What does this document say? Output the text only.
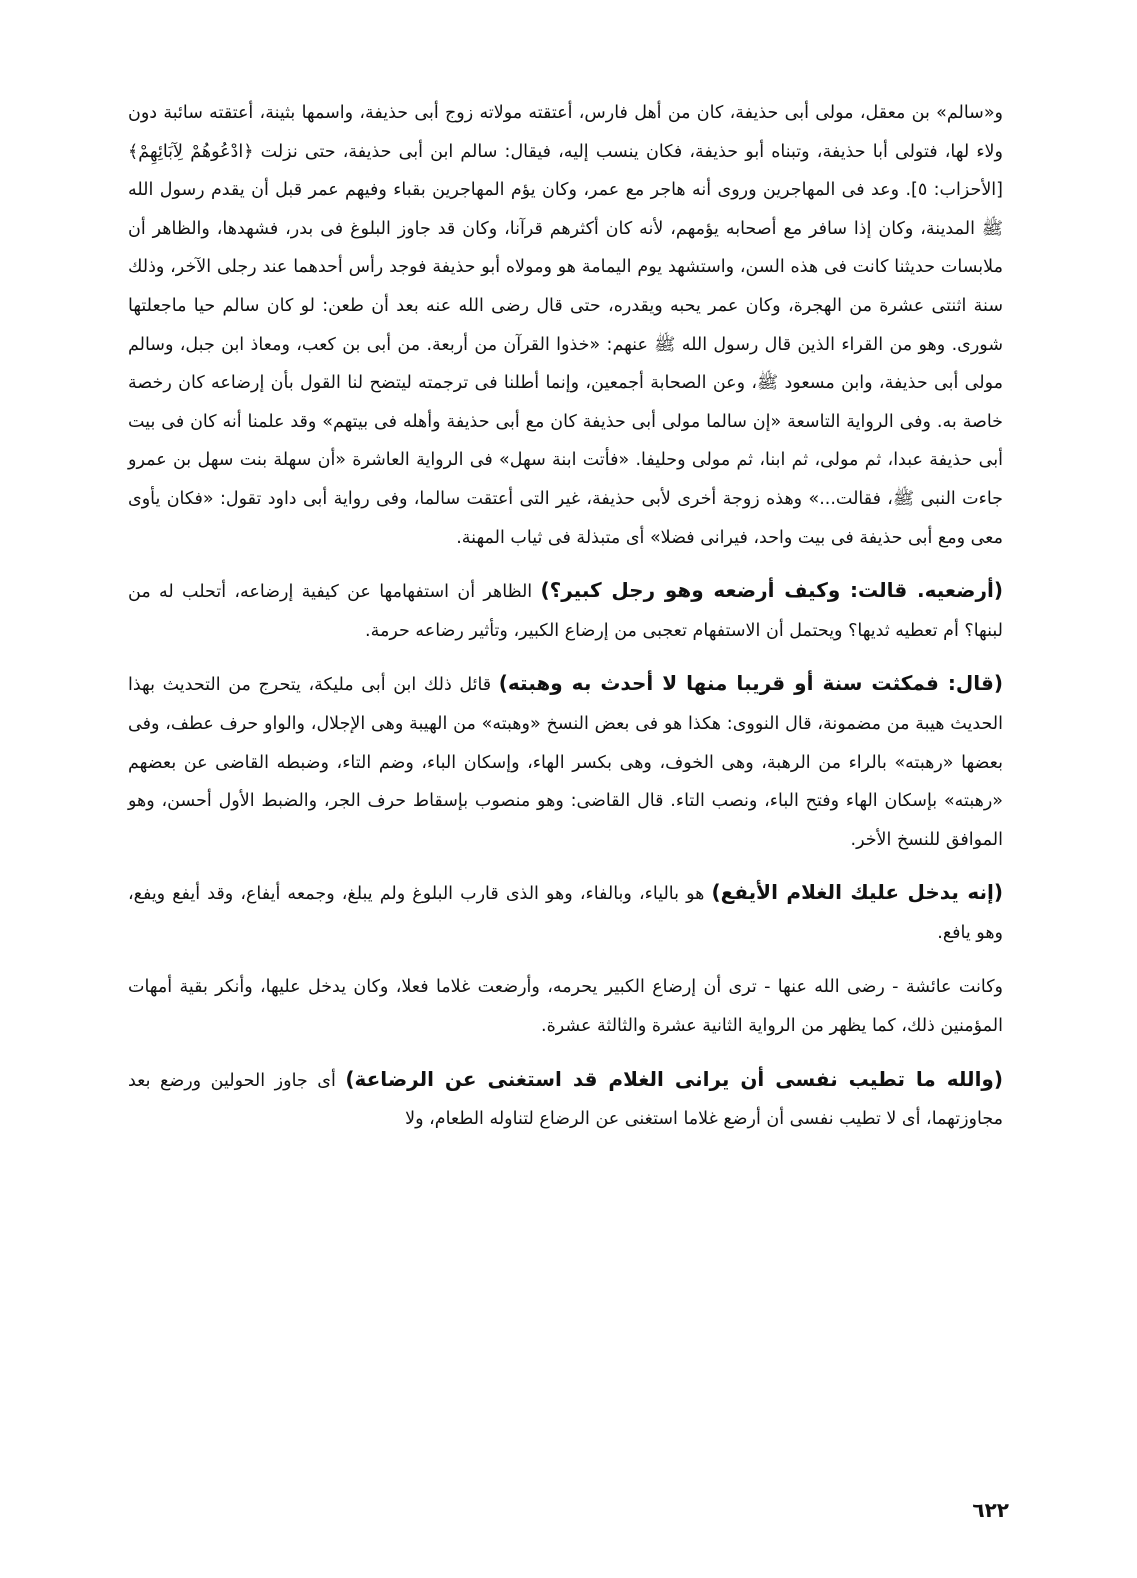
و«سالم» بن معقل، مولى أبى حذيفة، كان من أهل فارس، أعتقته مولاته زوج أبى حذيفة، واسمها بثينة، أعتقته سائبة دون ولاء لها، فتولى أبا حذيفة، وتبناه أبو حذيفة، فكان ينسب إليه، فيقال: سالم ابن أبى حذيفة، حتى نزلت ﴿ادْعُوهُمْ لِآبَائِهِمْ﴾ [الأحزاب: ٥]. وعد فى المهاجرين وروى أنه هاجر مع عمر، وكان يؤم المهاجرين بقباء وفيهم عمر قبل أن يقدم رسول الله ﷺ المدينة، وكان إذا سافر مع أصحابه يؤمهم، لأنه كان أكثرهم قرآنا، وكان قد جاوز البلوغ فى بدر، فشهدها، والظاهر أن ملابسات حديثنا كانت فى هذه السن، واستشهد يوم اليمامة هو ومولاه أبو حذيفة فوجد رأس أحدهما عند رجلى الآخر، وذلك سنة اثنتى عشرة من الهجرة، وكان عمر يحبه ويقدره، حتى قال رضى الله عنه بعد أن طعن: لو كان سالم حيا ماجعلتها شورى. وهو من القراء الذين قال رسول الله ﷺ عنهم: «خذوا القرآن من أربعة. من أبى بن كعب، ومعاذ ابن جبل، وسالم مولى أبى حذيفة، وابن مسعود ﷺ، وعن الصحابة أجمعين، وإنما أطلنا فى ترجمته ليتضح لنا القول بأن إرضاعه كان رخصة خاصة به. وفى الرواية التاسعة «إن سالما مولى أبى حذيفة كان مع أبى حذيفة وأهله فى بيتهم» وقد علمنا أنه كان فى بيت أبى حذيفة عبدا، ثم مولى، ثم ابنا، ثم مولى وحليفا. «فأتت ابنة سهل» فى الرواية العاشرة «أن سهلة بنت سهل بن عمرو جاءت النبى ﷺ، فقالت...» وهذه زوجة أخرى لأبى حذيفة، غير التى أعتقت سالما، وفى رواية أبى داود تقول: «فكان يأوى معى ومع أبى حذيفة فى بيت واحد، فيرانى فضلا» أى متبذلة فى ثياب المهنة.

(أرضعيه. قالت: وكيف أرضعه وهو رجل كبير؟) الظاهر أن استفهامها عن كيفية إرضاعه، أتحلب له من لبنها؟ أم تعطيه ثديها؟ ويحتمل أن الاستفهام تعجبى من إرضاع الكبير، وتأثير رضاعه حرمة.

(قال: فمكثت سنة أو قريبا منها لا أحدث به وهبته) قائل ذلك ابن أبى مليكة، يتحرج من التحديث بهذا الحديث هيبة من مضمونة، قال النووى: هكذا هو فى بعض النسخ «وهبته» من الهيبة وهى الإجلال، والواو حرف عطف، وفى بعضها «رهبته» بالراء من الرهبة، وهى الخوف، وهى بكسر الهاء، وإسكان الباء، وضم التاء، وضبطه القاضى عن بعضهم «رهبته» بإسكان الهاء وفتح الباء، ونصب التاء. قال القاضى: وهو منصوب بإسقاط حرف الجر، والضبط الأول أحسن، وهو الموافق للنسخ الأخر.

(إنه يدخل عليك الغلام الأيفع) هو بالياء، وبالفاء، وهو الذى قارب البلوغ ولم يبلغ، وجمعه أيفاع، وقد أيفع ويفع، وهو يافع.

وكانت عائشة - رضى الله عنها - ترى أن إرضاع الكبير يحرمه، وأرضعت غلاما فعلا، وكان يدخل عليها، وأنكر بقية أمهات المؤمنين ذلك، كما يظهر من الرواية الثانية عشرة والثالثة عشرة.

(والله ما تطيب نفسى أن يرانى الغلام قد استغنى عن الرضاعة) أى جاوز الحولين ورضع بعد مجاوزتهما، أى لا تطيب نفسى أن أرضع غلاما استغنى عن الرضاع لتناوله الطعام، ولا

٦٢٢
